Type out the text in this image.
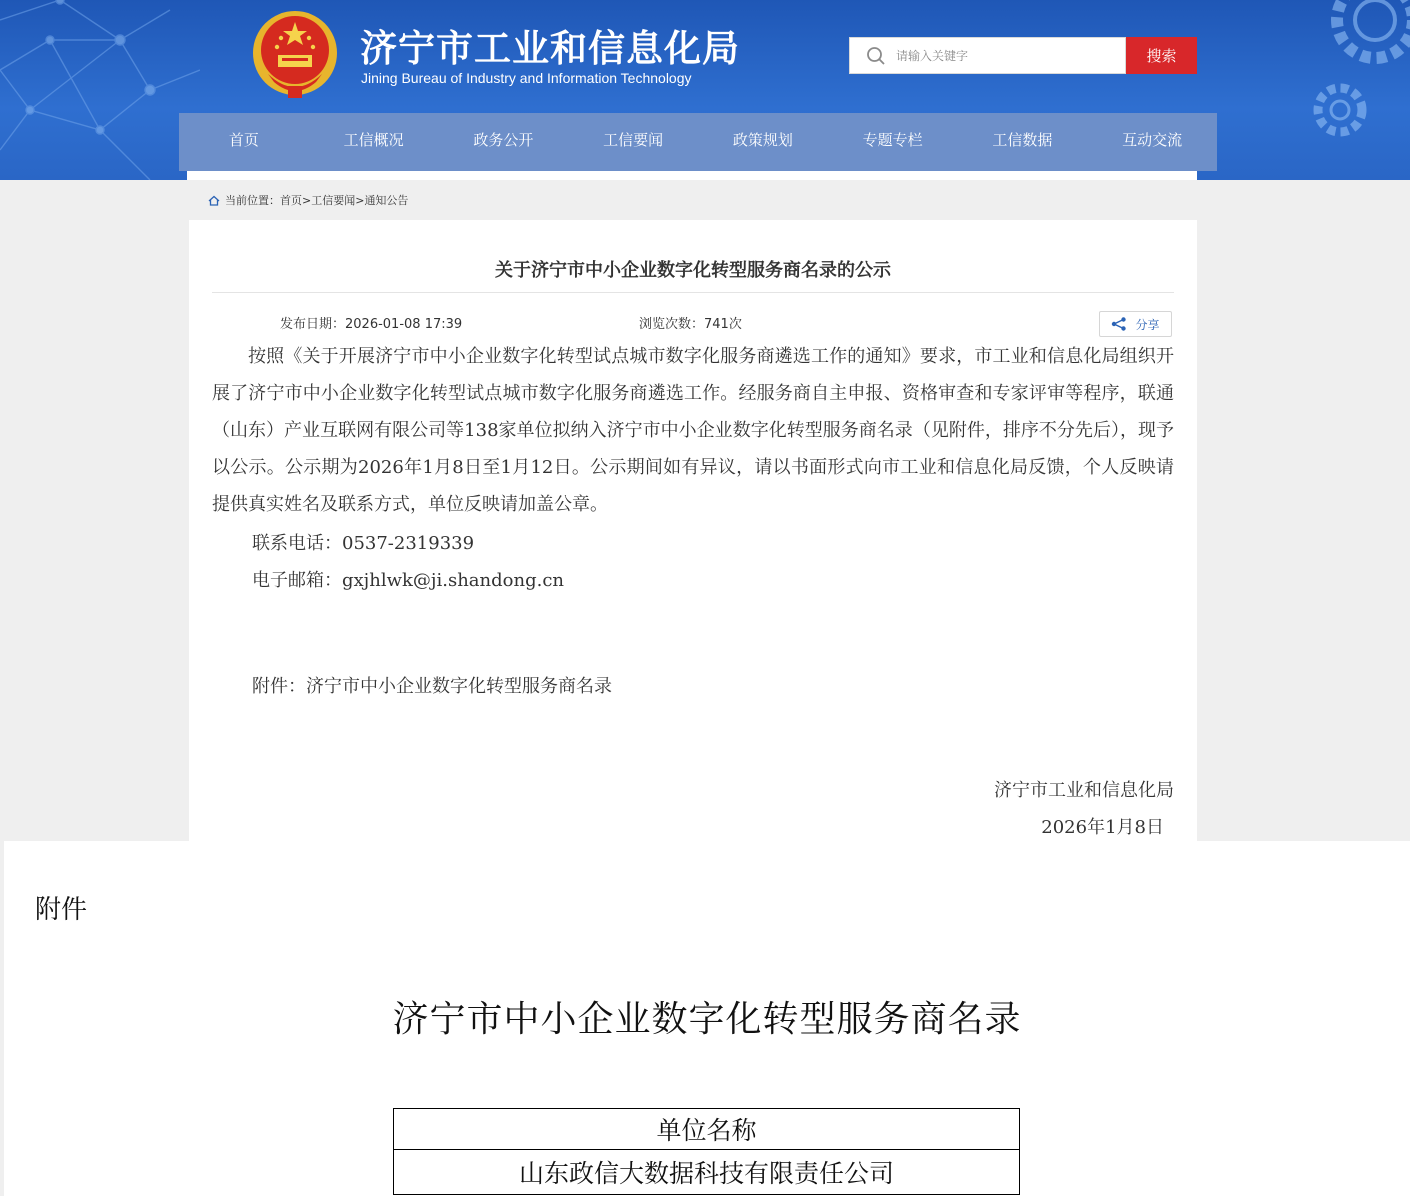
济宁市工业和信息化局
Jining Bureau of Industry and Information Technology
请输入关键字
搜索
首页	工信概况	政务公开	工信要闻	政策规划	专题专栏	工信数据	互动交流
当前位置： 首页 > 工信要闻 > 通知公告
关于济宁市中小企业数字化转型服务商名录的公示
发布日期：2026-01-08 17:39	浏览次数：741次	分享

按照《关于开展济宁市中小企业数字化转型试点城市数字化服务商遴选工作的通知》要求，市工业和信息化局组织开展了济宁市中小企业数字化转型试点城市数字化服务商遴选工作。经服务商自主申报、资格审查和专家评审等程序，联通（山东）产业互联网有限公司等138家单位拟纳入济宁市中小企业数字化转型服务商名录（见附件，排序不分先后），现予以公示。公示期为2026年1月8日至1月12日。公示期间如有异议，请以书面形式向市工业和信息化局反馈，个人反映请提供真实姓名及联系方式，单位反映请加盖公章。

联系电话：0537-2319339
电子邮箱：gxjhlwk@ji.shandong.cn
附件：济宁市中小企业数字化转型服务商名录
济宁市工业和信息化局
2026年1月8日
附件
济宁市中小企业数字化转型服务商名录
单位名称
山东政信大数据科技有限责任公司
